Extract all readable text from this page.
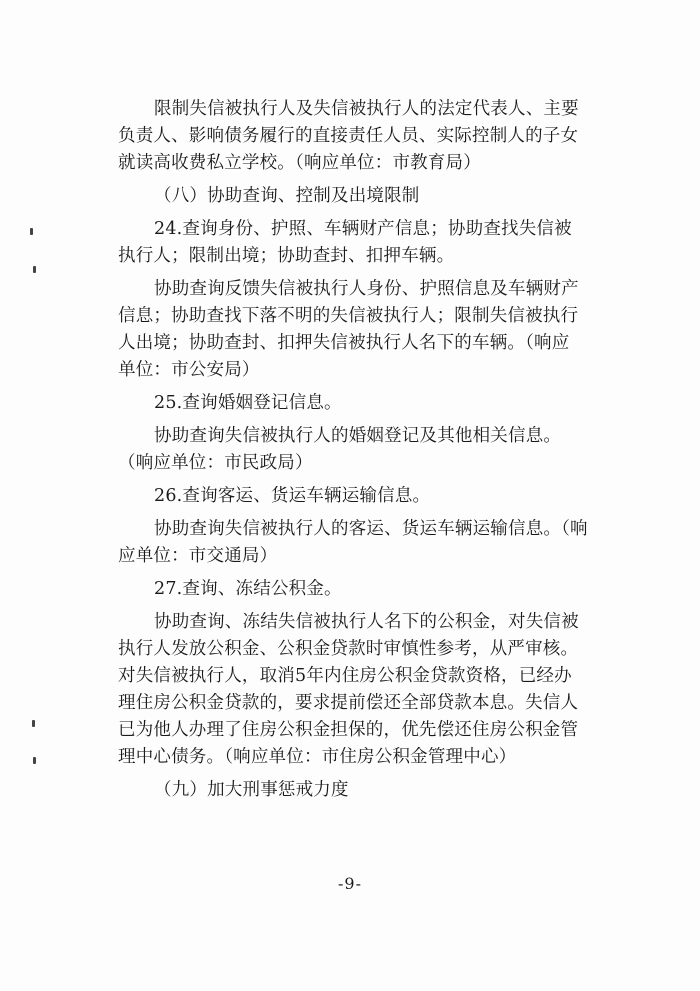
限制失信被执行人及失信被执行人的法定代表人、主要
负责人、影响债务履行的直接责任人员、实际控制人的子女
就读高收费私立学校。（响应单位：市教育局）
（八）协助查询、控制及出境限制
24.查询身份、护照、车辆财产信息；协助查找失信被
执行人；限制出境；协助查封、扣押车辆。
协助查询反馈失信被执行人身份、护照信息及车辆财产
信息；协助查找下落不明的失信被执行人；限制失信被执行
人出境；协助查封、扣押失信被执行人名下的车辆。（响应
单位：市公安局）
25.查询婚姻登记信息。
协助查询失信被执行人的婚姻登记及其他相关信息。
（响应单位：市民政局）
26.查询客运、货运车辆运输信息。
协助查询失信被执行人的客运、货运车辆运输信息。（响
应单位：市交通局）
27.查询、冻结公积金。
协助查询、冻结失信被执行人名下的公积金，对失信被
执行人发放公积金、公积金贷款时审慎性参考，从严审核。
对失信被执行人，取消5年内住房公积金贷款资格，已经办
理住房公积金贷款的，要求提前偿还全部贷款本息。失信人
已为他人办理了住房公积金担保的，优先偿还住房公积金管
理中心债务。（响应单位：市住房公积金管理中心）
（九）加大刑事惩戒力度
-9-
